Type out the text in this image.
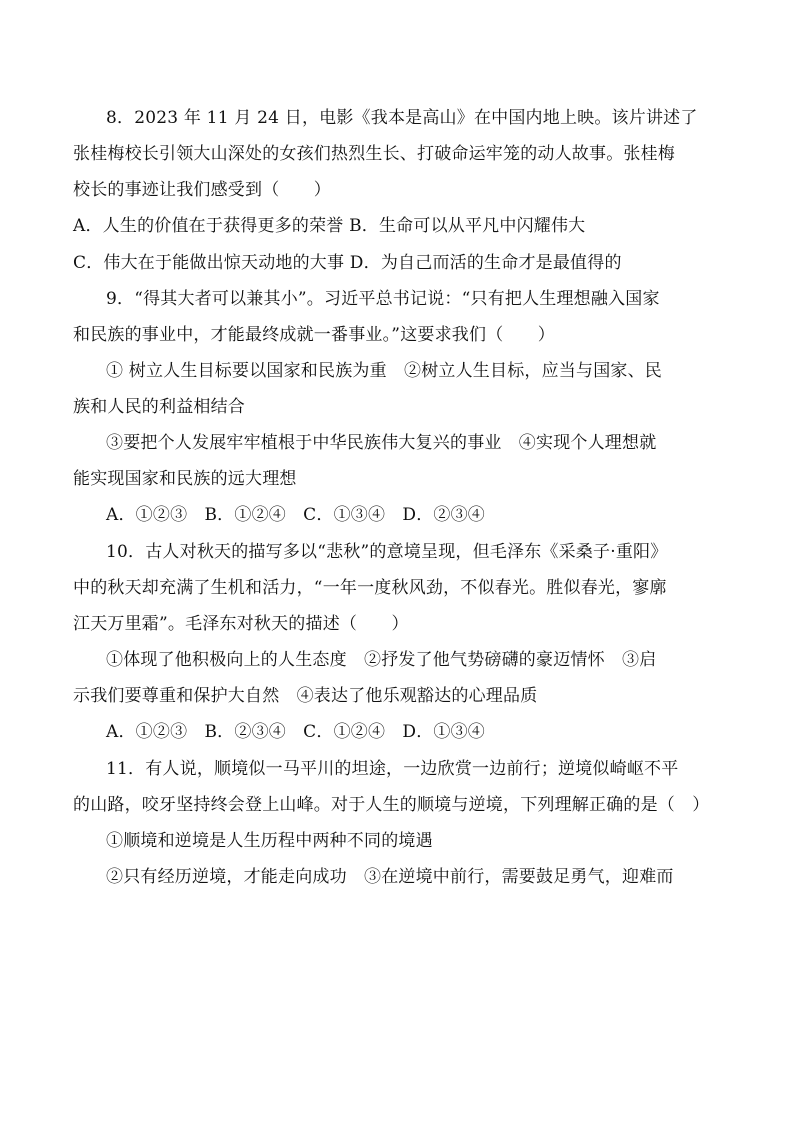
8．2023 年 11 月 24 日，电影《我本是高山》在中国内地上映。该片讲述了
张桂梅校长引领大山深处的女孩们热烈生长、打破命运牢笼的动人故事。张桂梅
校长的事迹让我们感受到（　　）
A．人生的价值在于获得更多的荣誉 B．生命可以从平凡中闪耀伟大
C．伟大在于能做出惊天动地的大事 D．为自己而活的生命才是最值得的
9．“得其大者可以兼其小”。习近平总书记说：“只有把人生理想融入国家
和民族的事业中，才能最终成就一番事业。”这要求我们（　　）
① 树立人生目标要以国家和民族为重　②树立人生目标，应当与国家、民
族和人民的利益相结合
③要把个人发展牢牢植根于中华民族伟大复兴的事业　④实现个人理想就
能实现国家和民族的远大理想
A．①②③　B．①②④　C．①③④　D．②③④
10．古人对秋天的描写多以“悲秋”的意境呈现，但毛泽东《采桑子·重阳》
中的秋天却充满了生机和活力，“一年一度秋风劲，不似春光。胜似春光，寥廓
江天万里霜”。毛泽东对秋天的描述（　　）
①体现了他积极向上的人生态度　②抒发了他气势磅礴的豪迈情怀　③启
示我们要尊重和保护大自然　④表达了他乐观豁达的心理品质
A．①②③　B．②③④　C．①②④　D．①③④
11．有人说，顺境似一马平川的坦途，一边欣赏一边前行；逆境似崎岖不平
的山路，咬牙坚持终会登上山峰。对于人生的顺境与逆境，下列理解正确的是（　）
①顺境和逆境是人生历程中两种不同的境遇
②只有经历逆境，才能走向成功　③在逆境中前行，需要鼓足勇气，迎难而
